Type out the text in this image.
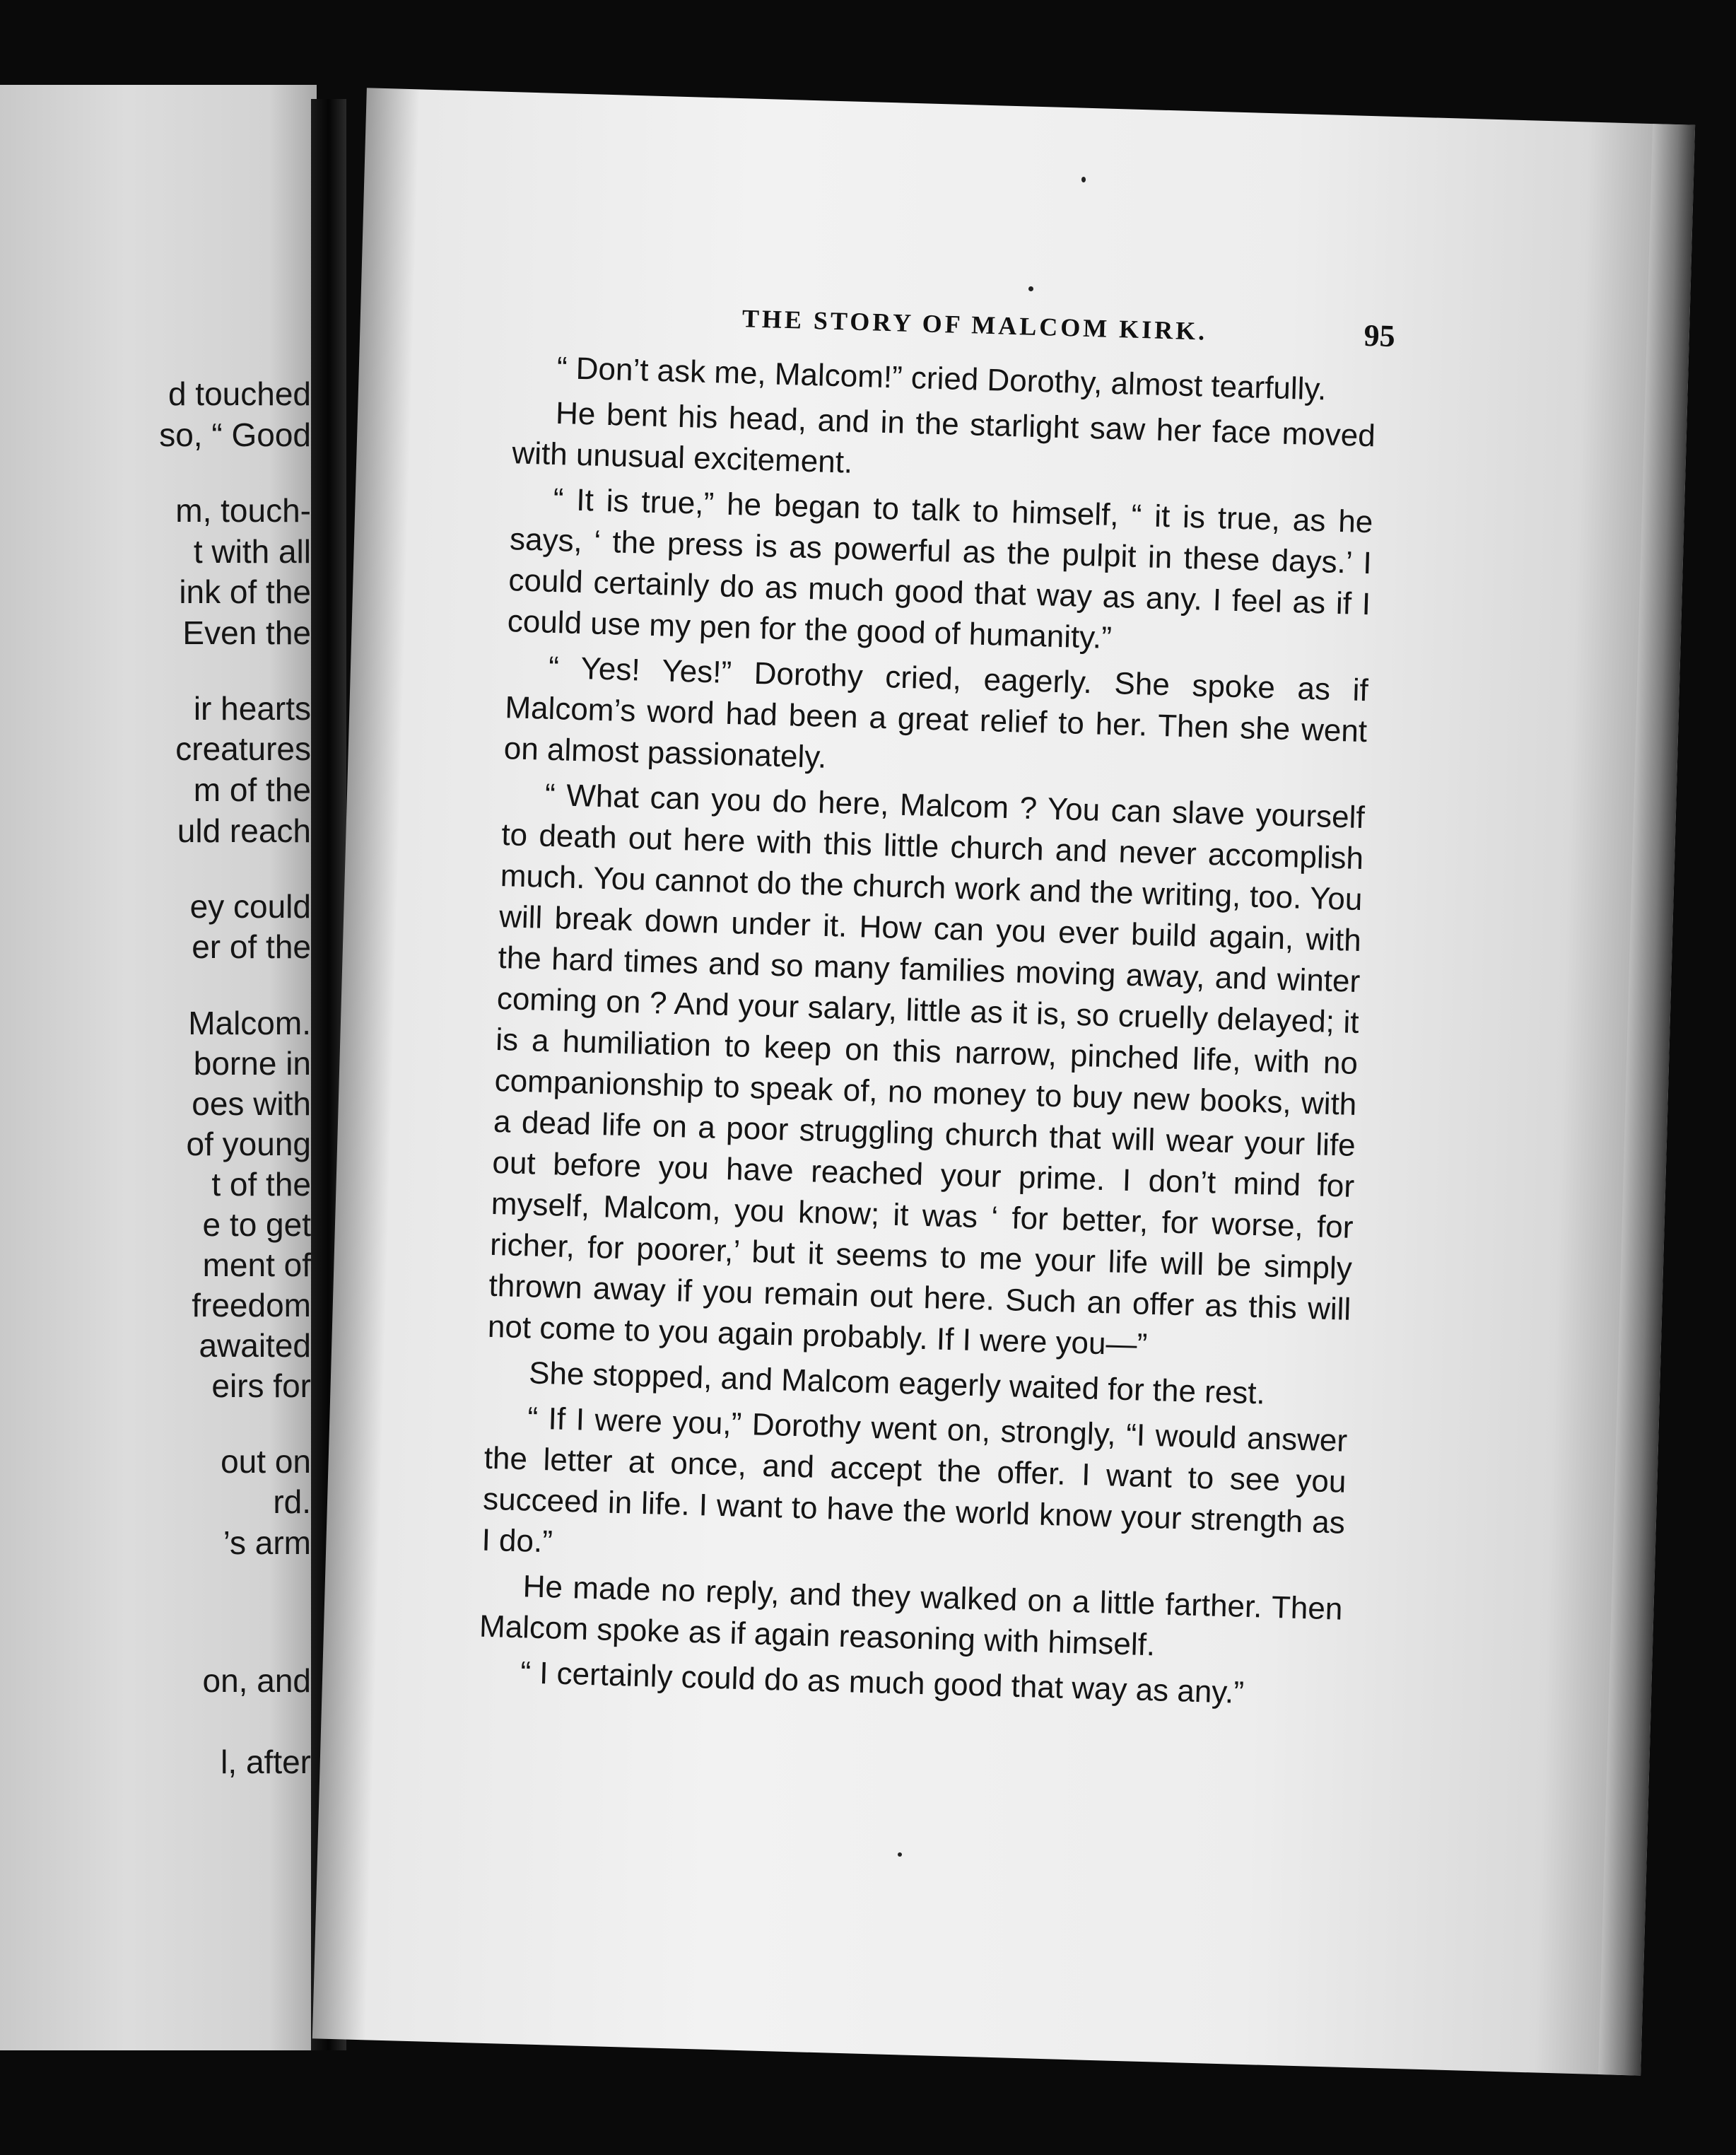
d touched
so, “ Good
m, touch-
t with all
ink of the
Even the
ir hearts
creatures
m of the
uld reach
ey could
er of the
Malcom.
borne in
oes with
of young
t of the
e to get
ment of
freedom
awaited
eirs for
out on
rd.
’s arm
on, and
l, after
THE STORY OF MALCOM KIRK.	95

“ Don’t ask me, Malcom!” cried Dorothy, almost tearfully.

He bent his head, and in the starlight saw her face moved with unusual excitement.

“ It is true,” he began to talk to himself, “ it is true, as he says, ‘ the press is as powerful as the pulpit in these days.’ I could certainly do as much good that way as any. I feel as if I could use my pen for the good of humanity.”

“ Yes! Yes!” Dorothy cried, eagerly. She spoke as if Malcom’s word had been a great relief to her. Then she went on almost passionately.

“ What can you do here, Malcom ? You can slave yourself to death out here with this little church and never accomplish much. You cannot do the church work and the writing, too. You will break down under it. How can you ever build again, with the hard times and so many families moving away, and winter coming on ? And your salary, little as it is, so cruelly delayed; it is a humiliation to keep on this narrow, pinched life, with no companionship to speak of, no money to buy new books, with a dead life on a poor struggling church that will wear your life out before you have reached your prime. I don’t mind for myself, Malcom, you know; it was ‘ for better, for worse, for richer, for poorer,’ but it seems to me your life will be simply thrown away if you remain out here. Such an offer as this will not come to you again probably. If I were you—”

She stopped, and Malcom eagerly waited for the rest.

“ If I were you,” Dorothy went on, strongly, “I would answer the letter at once, and accept the offer. I want to see you succeed in life. I want to have the world know your strength as I do.”

He made no reply, and they walked on a little farther. Then Malcom spoke as if again reasoning with himself.

“ I certainly could do as much good that way as any.”
